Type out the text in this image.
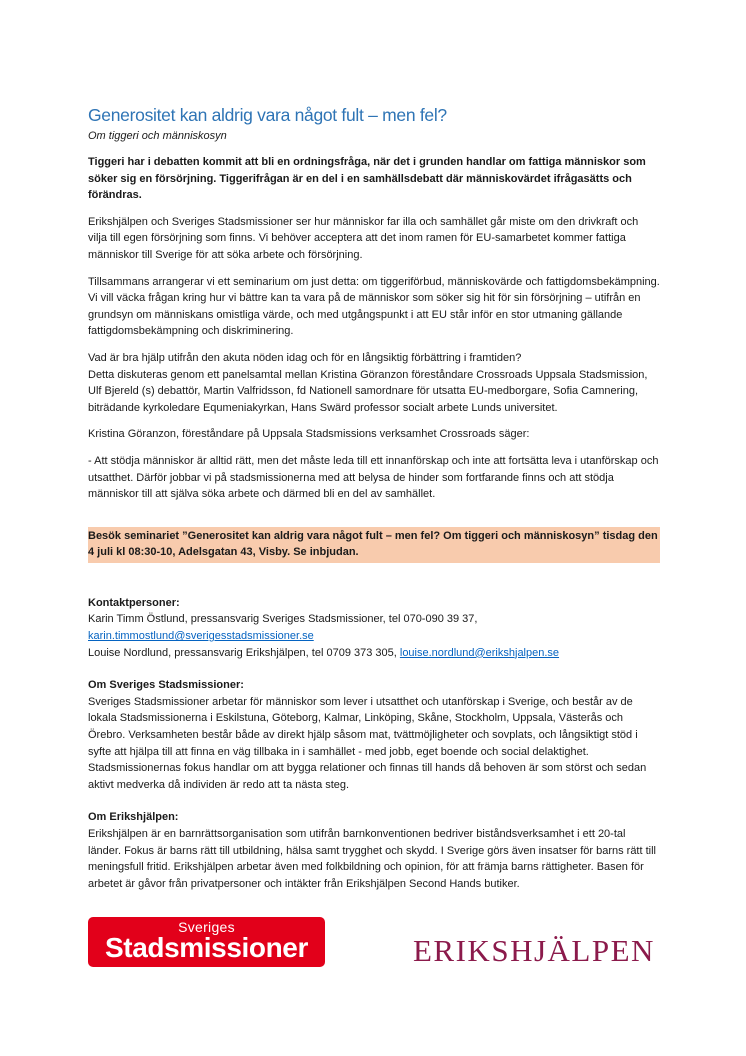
Generositet kan aldrig vara något fult – men fel?
Om tiggeri och människosyn

Tiggeri har i debatten kommit att bli en ordningsfråga, när det i grunden handlar om fattiga människor som söker sig en försörjning. Tiggerifrågan är en del i en samhällsdebatt där människovärdet ifrågasätts och förändras.

Erikshjälpen och Sveriges Stadsmissioner ser hur människor far illa och samhället går miste om den drivkraft och vilja till egen försörjning som finns. Vi behöver acceptera att det inom ramen för EU-samarbetet kommer fattiga människor till Sverige för att söka arbete och försörjning.

Tillsammans arrangerar vi ett seminarium om just detta: om tiggeriförbud, människovärde och fattigdomsbekämpning. Vi vill väcka frågan kring hur vi bättre kan ta vara på de människor som söker sig hit för sin försörjning – utifrån en grundsyn om människans omistliga värde, och med utgångspunkt i att EU står inför en stor utmaning gällande fattigdomsbekämpning och diskriminering.

Vad är bra hjälp utifrån den akuta nöden idag och för en långsiktig förbättring i framtiden?

Detta diskuteras genom ett panelsamtal mellan Kristina Göranzon föreståndare Crossroads Uppsala Stadsmission, Ulf Bjereld (s) debattör, Martin Valfridsson, fd Nationell samordnare för utsatta EU-medborgare, Sofia Camnering, biträdande kyrkoledare Equmeniakyrkan, Hans Swärd professor socialt arbete Lunds universitet.

Kristina Göranzon, föreståndare på Uppsala Stadsmissions verksamhet Crossroads säger:

- Att stödja människor är alltid rätt, men det måste leda till ett innanförskap och inte att fortsätta leva i utanförskap och utsatthet. Därför jobbar vi på stadsmissionerna med att belysa de hinder som fortfarande finns och att stödja människor till att själva söka arbete och därmed bli en del av samhället.

Besök seminariet ”Generositet kan aldrig vara något fult – men fel? Om tiggeri och människosyn” tisdag den 4 juli kl 08:30-10, Adelsgatan 43, Visby. Se inbjudan.

Kontaktpersoner:

Karin Timm Östlund, pressansvarig Sveriges Stadsmissioner, tel 070-090 39 37,

karin.timmostlund@sverigesstadsmissioner.se

Louise Nordlund, pressansvarig Erikshjälpen, tel 0709 373 305, louise.nordlund@erikshjalpen.se

Om Sveriges Stadsmissioner:

Sveriges Stadsmissioner arbetar för människor som lever i utsatthet och utanförskap i Sverige, och består av de lokala Stadsmissionerna i Eskilstuna, Göteborg, Kalmar, Linköping, Skåne, Stockholm, Uppsala, Västerås och Örebro. Verksamheten består både av direkt hjälp såsom mat, tvättmöjligheter och sovplats, och långsiktigt stöd i syfte att hjälpa till att finna en väg tillbaka in i samhället - med jobb, eget boende och social delaktighet. Stadsmissionernas fokus handlar om att bygga relationer och finnas till hands då behoven är som störst och sedan aktivt medverka då individen är redo att ta nästa steg.

Om Erikshjälpen:

Erikshjälpen är en barnrättsorganisation som utifrån barnkonventionen bedriver biståndsverksamhet i ett 20-tal länder. Fokus är barns rätt till utbildning, hälsa samt trygghet och skydd. I Sverige görs även insatser för barns rätt till meningsfull fritid. Erikshjälpen arbetar även med folkbildning och opinion, för att främja barns rättigheter. Basen för arbetet är gåvor från privatpersoner och intäkter från Erikshjälpen Second Hands butiker.

Sveriges
Stadsmissioner	ERIKSHJÄLPEN
